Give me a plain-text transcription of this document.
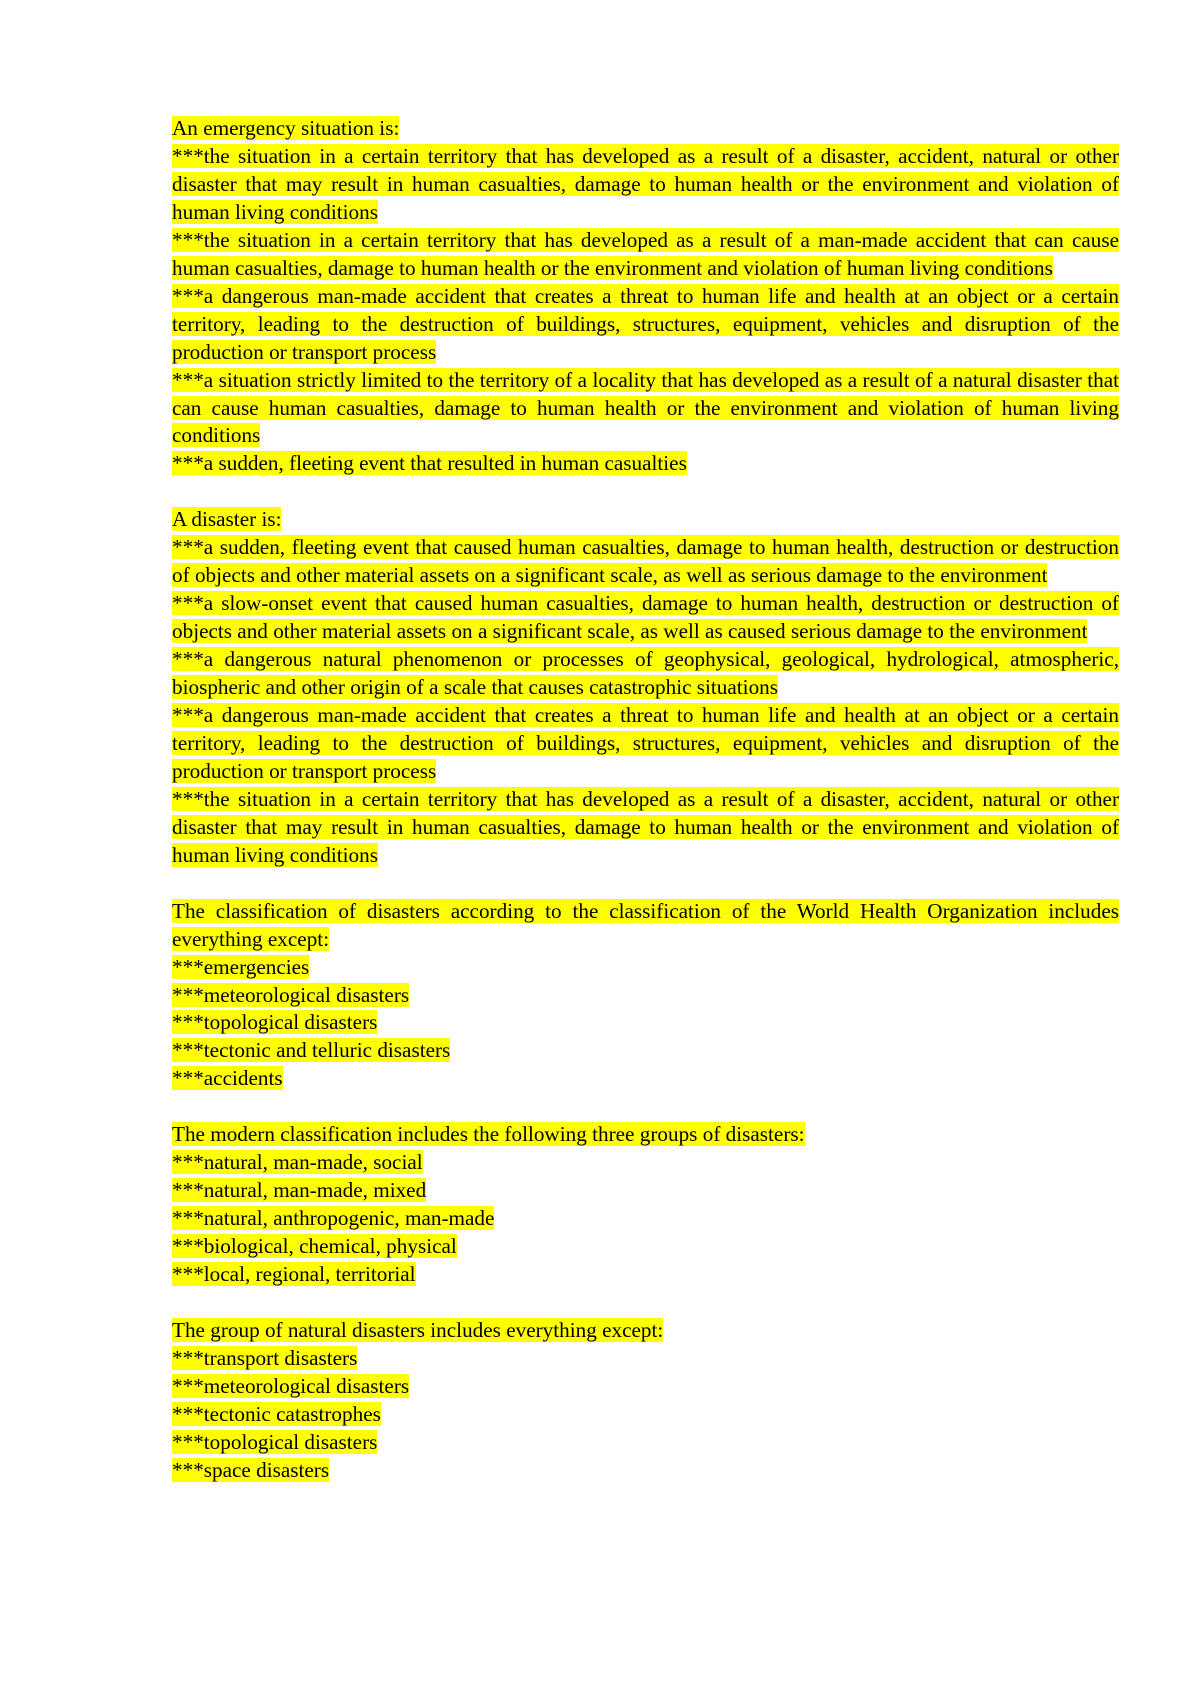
An emergency situation is:

***the situation in a certain territory that has developed as a result of a disaster, accident, natural or other disaster that may result in human casualties, damage to human health or the environment and violation of human living conditions

***the situation in a certain territory that has developed as a result of a man-made accident that can cause human casualties, damage to human health or the environment and violation of human living conditions

***a dangerous man-made accident that creates a threat to human life and health at an object or a certain territory, leading to the destruction of buildings, structures, equipment, vehicles and disruption of the production or transport process

***a situation strictly limited to the territory of a locality that has developed as a result of a natural disaster that can cause human casualties, damage to human health or the environment and violation of human living conditions

***a sudden, fleeting event that resulted in human casualties

A disaster is:

***a sudden, fleeting event that caused human casualties, damage to human health, destruction or destruction of objects and other material assets on a significant scale, as well as serious damage to the environment

***a slow-onset event that caused human casualties, damage to human health, destruction or destruction of objects and other material assets on a significant scale, as well as caused serious damage to the environment

***a dangerous natural phenomenon or processes of geophysical, geological, hydrological, atmospheric, biospheric and other origin of a scale that causes catastrophic situations

***a dangerous man-made accident that creates a threat to human life and health at an object or a certain territory, leading to the destruction of buildings, structures, equipment, vehicles and disruption of the production or transport process

***the situation in a certain territory that has developed as a result of a disaster, accident, natural or other disaster that may result in human casualties, damage to human health or the environment and violation of human living conditions

The classification of disasters according to the classification of the World Health Organization includes everything except:

***emergencies

***meteorological disasters

***topological disasters

***tectonic and telluric disasters

***accidents

The modern classification includes the following three groups of disasters:

***natural, man-made, social

***natural, man-made, mixed

***natural, anthropogenic, man-made

***biological, chemical, physical

***local, regional, territorial

The group of natural disasters includes everything except:

***transport disasters

***meteorological disasters

***tectonic catastrophes

***topological disasters

***space disasters
